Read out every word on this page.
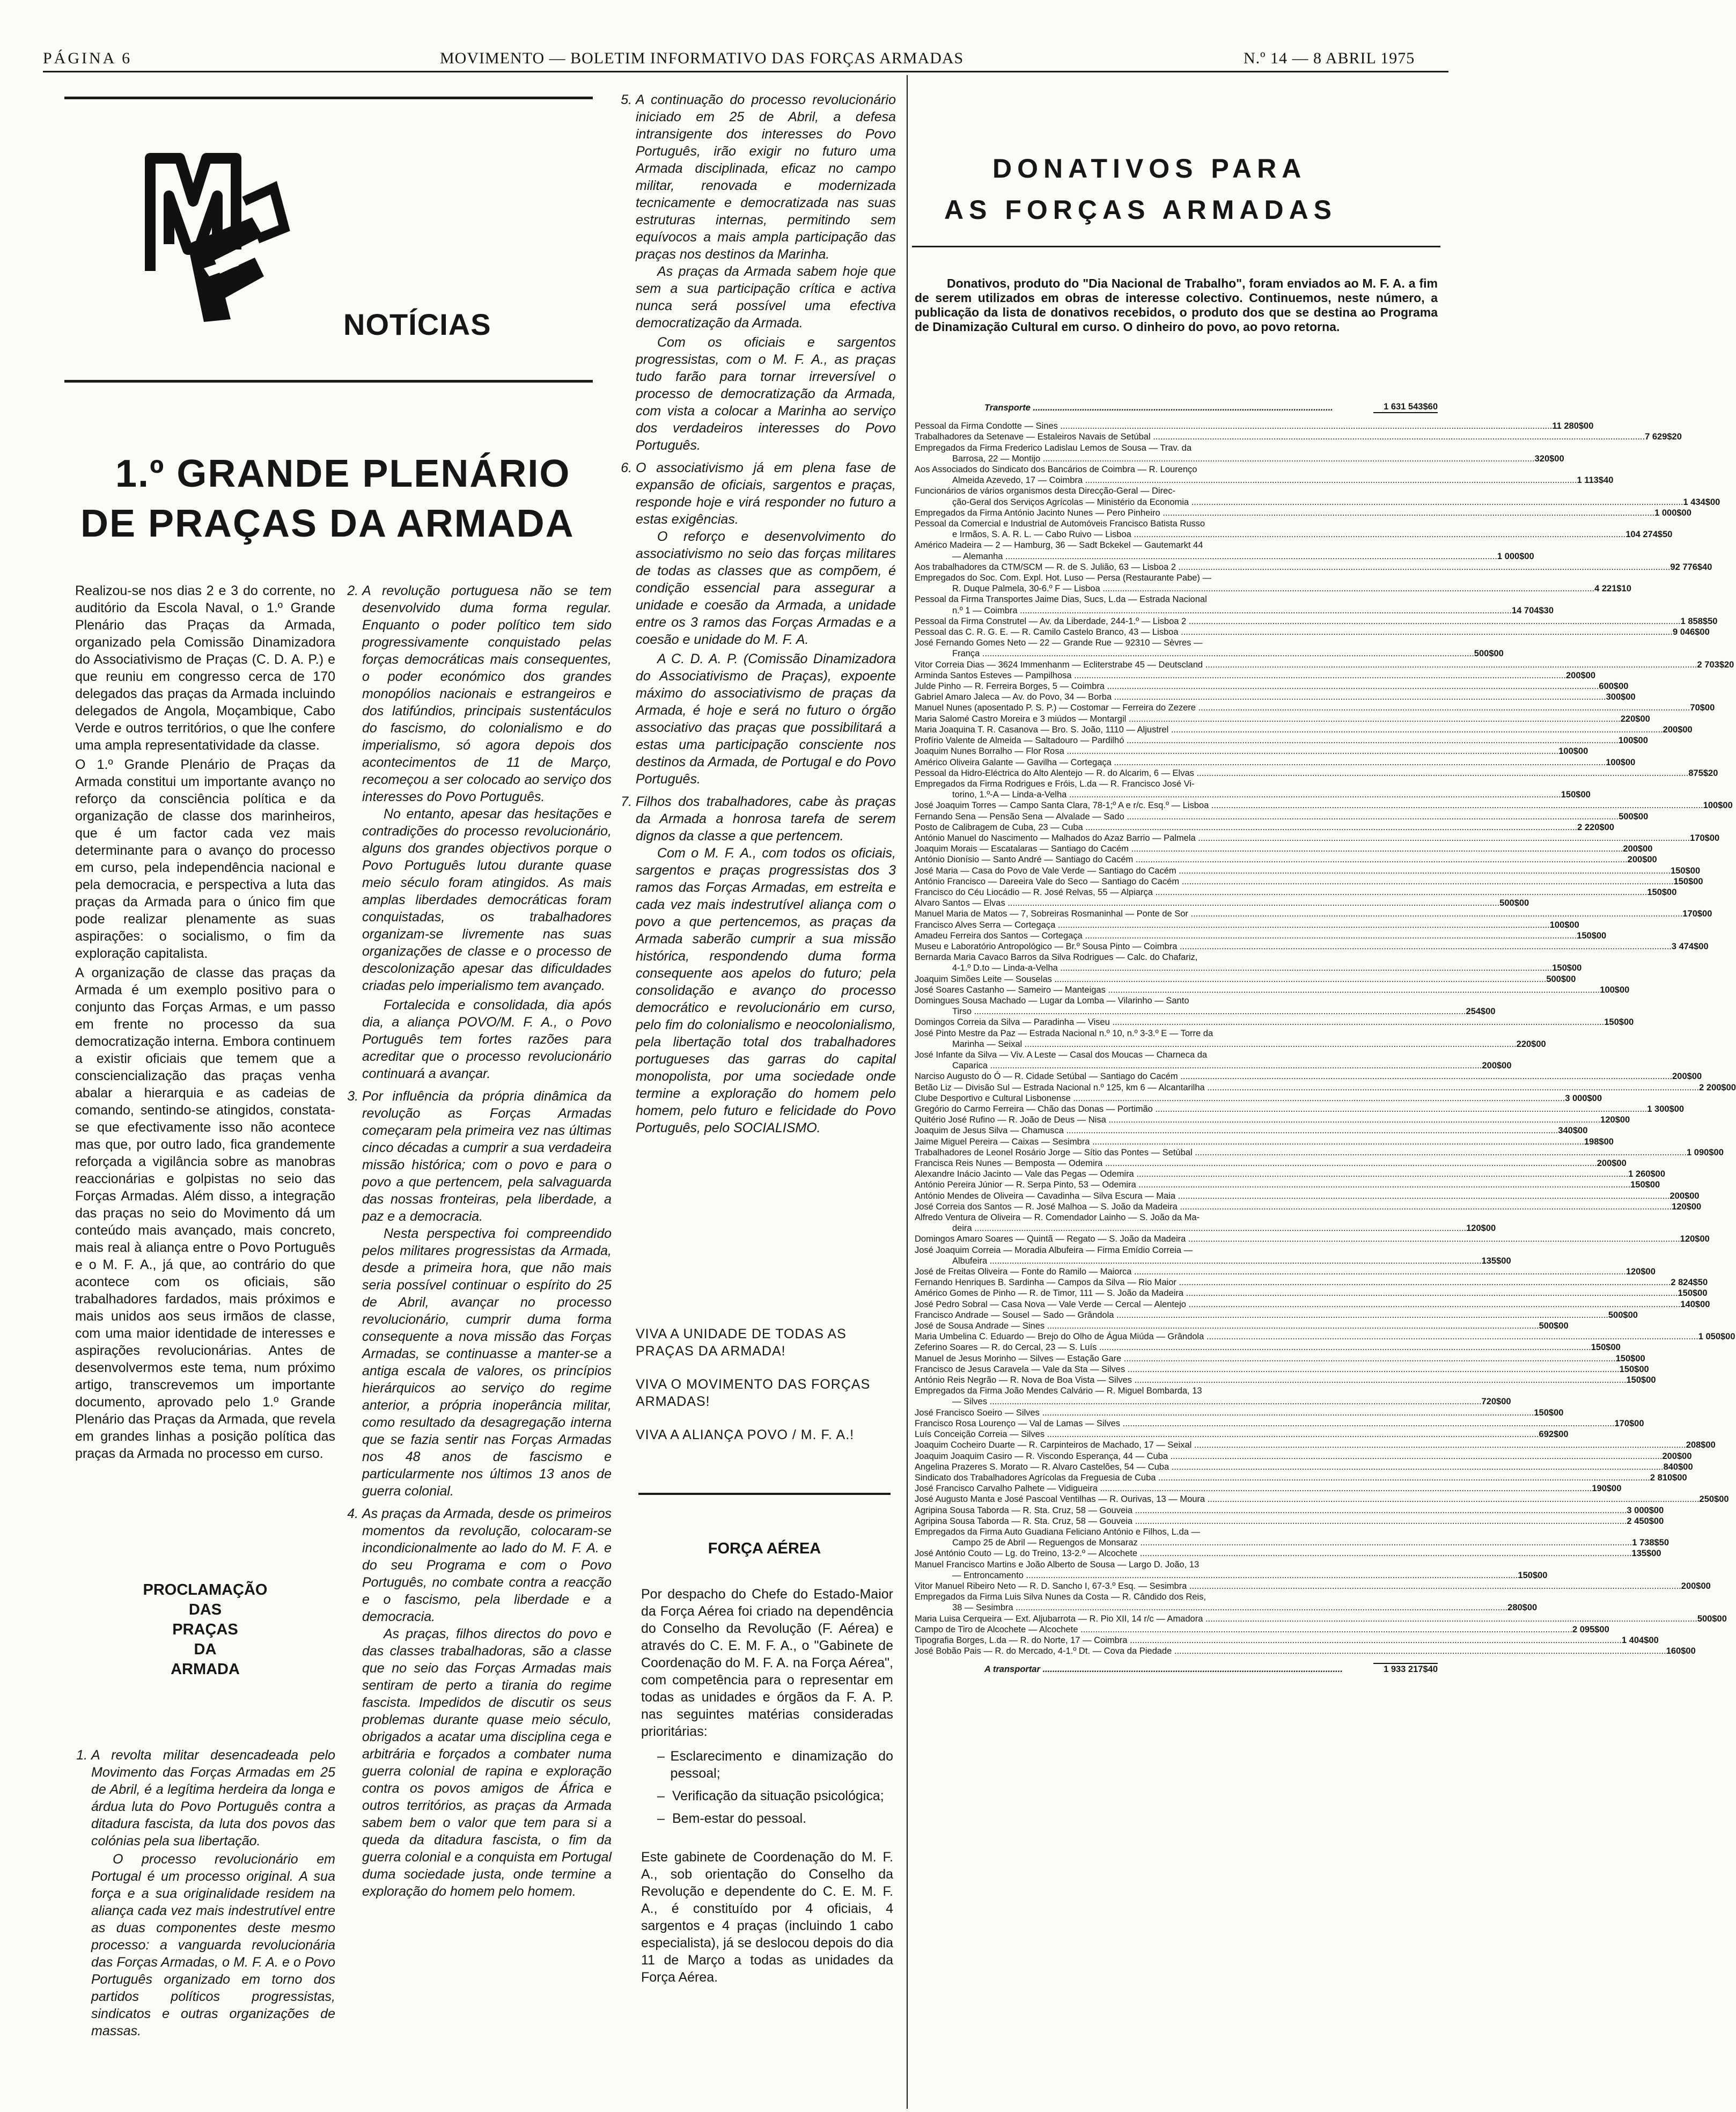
PÁGINA 6	MOVIMENTO — BOLETIM INFORMATIVO DAS FORÇAS ARMADAS	N.º 14 — 8 ABRIL 1975
NOTÍCIAS
1.º GRANDE PLENÁRIO
DE PRAÇAS DA ARMADA

Realizou-se nos dias 2 e 3 do corrente, no auditório da Escola Naval, o 1.º Grande Plenário das Praças da Armada, organizado pela Comissão Dinamizadora do Associativismo de Praças (C. D. A. P.) e que reuniu em congresso cerca de 170 delegados das praças da Armada incluindo delegados de Angola, Moçambique, Cabo Verde e outros territórios, o que lhe confere uma ampla representatividade da classe.

O 1.º Grande Plenário de Praças da Armada constitui um importante avanço no reforço da consciência política e da organização de classe dos marinheiros, que é um factor cada vez mais determinante para o avanço do processo em curso, pela independência nacional e pela democracia, e perspectiva a luta das praças da Armada para o único fim que pode realizar plenamente as suas aspirações: o socialismo, o fim da exploração capitalista.

A organização de classe das praças da Armada é um exemplo positivo para o conjunto das Forças Armas, e um passo em frente no processo da sua democratização interna. Embora continuem a existir oficiais que temem que a consciencialização das praças venha abalar a hierarquia e as cadeias de comando, sentindo-se atingidos, constata-se que efectivamente isso não acontece mas que, por outro lado, fica grandemente reforçada a vigilância sobre as manobras reaccionárias e golpistas no seio das Forças Armadas. Além disso, a integração das praças no seio do Movimento dá um conteúdo mais avançado, mais concreto, mais real à aliança entre o Povo Português e o M. F. A., já que, ao contrário do que acontece com os oficiais, são trabalhadores fardados, mais próximos e mais unidos aos seus irmãos de classe, com uma maior identidade de interesses e aspirações revolucionárias. Antes de desenvolvermos este tema, num próximo artigo, transcrevemos um importante documento, aprovado pelo 1.º Grande Plenário das Praças da Armada, que revela em grandes linhas a posição política das praças da Armada no processo em curso.

PROCLAMAÇÃO
DAS
PRAÇAS
DA
ARMADA
1. A revolta militar desencadeada pelo Movimento das Forças Armadas em 25 de Abril, é a legítima herdeira da longa e árdua luta do Povo Português contra a ditadura fascista, da luta dos povos das colónias pela sua libertação.

O processo revolucionário em Portugal é um processo original. A sua força e a sua originalidade residem na aliança cada vez mais indestrutível entre as duas componentes deste mesmo processo: a vanguarda revolucionária das Forças Armadas, o M. F. A. e o Povo Português organizado em torno dos partidos políticos progressistas, sindicatos e outras organizações de massas.

2. A revolução portuguesa não se tem desenvolvido duma forma regular. Enquanto o poder político tem sido progressivamente conquistado pelas forças democráticas mais consequentes, o poder económico dos grandes monopólios nacionais e estrangeiros e dos latifúndios, principais sustentáculos do fascismo, do colonialismo e do imperialismo, só agora depois dos acontecimentos de 11 de Março, recomeçou a ser colocado ao serviço dos interesses do Povo Português.

No entanto, apesar das hesitações e contradições do processo revolucionário, alguns dos grandes objectivos porque o Povo Português lutou durante quase meio século foram atingidos. As mais amplas liberdades democráticas foram conquistadas, os trabalhadores organizam-se livremente nas suas organizações de classe e o processo de descolonização apesar das dificuldades criadas pelo imperialismo tem avançado.

Fortalecida e consolidada, dia após dia, a aliança POVO/M. F. A., o Povo Português tem fortes razões para acreditar que o processo revolucionário continuará a avançar.

3. Por influência da própria dinâmica da revolução as Forças Armadas começaram pela primeira vez nas últimas cinco décadas a cumprir a sua verdadeira missão histórica; com o povo e para o povo a que pertencem, pela salvaguarda das nossas fronteiras, pela liberdade, a paz e a democracia.

Nesta perspectiva foi compreendido pelos militares progressistas da Armada, desde a primeira hora, que não mais seria possível continuar o espírito do 25 de Abril, avançar no processo revolucionário, cumprir duma forma consequente a nova missão das Forças Armadas, se continuasse a manter-se a antiga escala de valores, os princípios hierárquicos ao serviço do regime anterior, a própria inoperância militar, como resultado da desagregação interna que se fazia sentir nas Forças Armadas nos 48 anos de fascismo e particularmente nos últimos 13 anos de guerra colonial.

4. As praças da Armada, desde os primeiros momentos da revolução, colocaram-se incondicionalmente ao lado do M. F. A. e do seu Programa e com o Povo Português, no combate contra a reacção e o fascismo, pela liberdade e a democracia.

As praças, filhos directos do povo e das classes trabalhadoras, são a classe que no seio das Forças Armadas mais sentiram de perto a tirania do regime fascista. Impedidos de discutir os seus problemas durante quase meio século, obrigados a acatar uma disciplina cega e arbitrária e forçados a combater numa guerra colonial de rapina e exploração contra os povos amigos de África e outros territórios, as praças da Armada sabem bem o valor que tem para si a queda da ditadura fascista, o fim da guerra colonial e a conquista em Portugal duma sociedade justa, onde termine a exploração do homem pelo homem.

5. A continuação do processo revolucionário iniciado em 25 de Abril, a defesa intransigente dos interesses do Povo Português, irão exigir no futuro uma Armada disciplinada, eficaz no campo militar, renovada e modernizada tecnicamente e democratizada nas suas estruturas internas, permitindo sem equívocos a mais ampla participação das praças nos destinos da Marinha.

As praças da Armada sabem hoje que sem a sua participação crítica e activa nunca será possível uma efectiva democratização da Armada.

Com os oficiais e sargentos progressistas, com o M. F. A., as praças tudo farão para tornar irreversível o processo de democratização da Armada, com vista a colocar a Marinha ao serviço dos verdadeiros interesses do Povo Português.

6. O associativismo já em plena fase de expansão de oficiais, sargentos e praças, responde hoje e virá responder no futuro a estas exigências.

O reforço e desenvolvimento do associativismo no seio das forças militares de todas as classes que as compõem, é condição essencial para assegurar a unidade e coesão da Armada, a unidade entre os 3 ramos das Forças Armadas e a coesão e unidade do M. F. A.

A C. D. A. P. (Comissão Dinamizadora do Associativismo de Praças), expoente máximo do associativismo de praças da Armada, é hoje e será no futuro o órgão associativo das praças que possibilitará a estas uma participação consciente nos destinos da Armada, de Portugal e do Povo Português.

7. Filhos dos trabalhadores, cabe às praças da Armada a honrosa tarefa de serem dignos da classe a que pertencem.

Com o M. F. A., com todos os oficiais, sargentos e praças progressistas dos 3 ramos das Forças Armadas, em estreita e cada vez mais indestrutível aliança com o povo a que pertencemos, as praças da Armada saberão cumprir a sua missão histórica, respondendo duma forma consequente aos apelos do futuro; pela consolidação e avanço do processo democrático e revolucionário em curso, pelo fim do colonialismo e neocolonialismo, pela libertação total dos trabalhadores portugueses das garras do capital monopolista, por uma sociedade onde termine a exploração do homem pelo homem, pelo futuro e felicidade do Povo Português, pelo SOCIALISMO.

VIVA A UNIDADE DE TODAS AS PRAÇAS DA ARMADA!
VIVA O MOVIMENTO DAS FORÇAS ARMADAS!
VIVA A ALIANÇA POVO / M. F. A.!
FORÇA AÉREA

Por despacho do Chefe do Estado-Maior da Força Aérea foi criado na dependência do Conselho da Revolução (F. Aérea) e através do C. E. M. F. A., o "Gabinete de Coordenação do M. F. A. na Força Aérea", com competência para o representar em todas as unidades e órgãos da F. A. P. nas seguintes matérias consideradas prioritárias:

– Esclarecimento e dinamização do pessoal;
– Verificação da situação psicológica;
– Bem-estar do pessoal.

Este gabinete de Coordenação do M. F. A., sob orientação do Conselho da Revolução e dependente do C. E. M. F. A., é constituído por 4 oficiais, 4 sargentos e 4 praças (incluindo 1 cabo especialista), já se deslocou depois do dia 11 de Março a todas as unidades da Força Aérea.

DONATIVOS PARA
AS FORÇAS ARMADAS
Donativos, produto do "Dia Nacional de Trabalho", foram enviados ao M. F. A. a fim de serem utilizados em obras de interesse colectivo. Continuemos, neste número, a publicação da lista de donativos recebidos, o produto dos que se destina ao Programa de Dinamização Cultural em curso. O dinheiro do povo, ao povo retorna.
Transporte ..........................................................................................................................	1 631 543$60
Pessoal da Firma Condotte — Sines ........................................................................................................................................................................................................ 11 280$00
Trabalhadores da Setenave — Estaleiros Navais de Setúbal ........................................................................................................................................................................................................ 7 629$20
Empregados da Firma Frederico Ladislau Lemos de Sousa — Trav. da
Barrosa, 22 — Montijo ........................................................................................................................................................................................................ 320$00
Aos Associados do Sindicato dos Bancários de Coimbra — R. Lourenço
Almeida Azevedo, 17 — Coimbra ........................................................................................................................................................................................................ 1 113$40
Funcionários de vários organismos desta Direcção-Geral — Direc-
ção-Geral dos Serviços Agrícolas — Ministério da Economia ........................................................................................................................................................................................................ 1 434$00
Empregados da Firma António Jacinto Nunes — Pero Pinheiro ........................................................................................................................................................................................................ 1 000$00
Pessoal da Comercial e Industrial de Automóveis Francisco Batista Russo
e Irmãos, S. A. R. L. — Cabo Ruivo — Lisboa ........................................................................................................................................................................................................ 104 274$50
Américo Madeira — 2 — Hamburg, 36 — Sadt Bckekel — Gautemarkt 44
— Alemanha ........................................................................................................................................................................................................ 1 000$00
Aos trabalhadores da CTM/SCM — R. de S. Julião, 63 — Lisboa 2 ........................................................................................................................................................................................................ 92 776$40
Empregados do Soc. Com. Expl. Hot. Luso — Persa (Restaurante Pabe) —
R. Duque Palmela, 30-6.º F — Lisboa ........................................................................................................................................................................................................ 4 221$10
Pessoal da Firma Transportes Jaime Dias, Sucs, L.da — Estrada Nacional
n.º 1 — Coimbra ........................................................................................................................................................................................................ 14 704$30
Pessoal da Firma Construtel — Av. da Liberdade, 244-1.º — Lisboa 2 ........................................................................................................................................................................................................ 1 858$50
Pessoal das C. R. G. E. — R. Camilo Castelo Branco, 43 — Lisboa ........................................................................................................................................................................................................ 9 046$00
José Fernando Gomes Neto — 22 — Grande Rue — 92310 — Sèvres —
França ........................................................................................................................................................................................................ 500$00
Vitor Correia Dias — 3624 Immenhanm — Ecliterstrabe 45 — Deutscland ........................................................................................................................................................................................................ 2 703$20
Arminda Santos Esteves — Pampilhosa ........................................................................................................................................................................................................ 200$00
Julde Pinho — R. Ferreira Borges, 5 — Coimbra ........................................................................................................................................................................................................ 600$00
Gabriel Amaro Jaleca — Av. do Povo, 34 — Borba ........................................................................................................................................................................................................ 300$00
Manuel Nunes (aposentado P. S. P.) — Costomar — Ferreira do Zezere ........................................................................................................................................................................................................ 70$00
Maria Salomé Castro Moreira e 3 miúdos — Montargil ........................................................................................................................................................................................................ 220$00
Maria Joaquina T. R. Casanova — Bro. S. João, 1110 — Aljustrel ........................................................................................................................................................................................................ 200$00
Profírio Valente de Almeida — Saltadouro — Pardilhó ........................................................................................................................................................................................................ 100$00
Joaquim Nunes Borralho — Flor Rosa ........................................................................................................................................................................................................ 100$00
Américo Oliveira Galante — Gavilha — Cortegaça ........................................................................................................................................................................................................ 100$00
Pessoal da Hidro-Eléctrica do Alto Alentejo — R. do Alcarim, 6 — Elvas ........................................................................................................................................................................................................ 875$20
Empregados da Firma Rodrigues e Fróis, L.da — R. Francisco José Vi-
torino, 1.º-A — Linda-a-Velha ........................................................................................................................................................................................................ 150$00
José Joaquim Torres — Campo Santa Clara, 78-1;º A e r/c. Esq.º — Lisboa ........................................................................................................................................................................................................ 100$00
Fernando Sena — Pensão Sena — Alvalade — Sado ........................................................................................................................................................................................................ 500$00
Posto de Calibragem de Cuba, 23 — Cuba ........................................................................................................................................................................................................ 2 220$00
António Manuel do Nascimento — Malhados do Azaz Barrio — Palmela ........................................................................................................................................................................................................ 170$00
Joaquim Morais — Escatalaras — Santiago do Cacém ........................................................................................................................................................................................................ 200$00
António Dionísio — Santo André — Santiago do Cacém ........................................................................................................................................................................................................ 200$00
José Maria — Casa do Povo de Vale Verde — Santiago do Cacém ........................................................................................................................................................................................................ 150$00
António Francisco — Dareeira Vale do Seco — Santiago do Cacém ........................................................................................................................................................................................................ 150$00
Francisco do Céu Liocádio — R. José Relvas, 55 — Alpiarça ........................................................................................................................................................................................................ 150$00
Alvaro Santos — Elvas ........................................................................................................................................................................................................ 500$00
Manuel Maria de Matos — 7, Sobreiras Rosmaninhal — Ponte de Sor ........................................................................................................................................................................................................ 170$00
Francisco Alves Serra — Cortegaça ........................................................................................................................................................................................................ 100$00
Amadeu Ferreira dos Santos — Cortegaça ........................................................................................................................................................................................................ 150$00
Museu e Laboratório Antropológico — Br.º Sousa Pinto — Coimbra ........................................................................................................................................................................................................ 3 474$00
Bernarda Maria Cavaco Barros da Silva Rodrigues — Calc. do Chafariz,
4-1.º D.to — Linda-a-Velha ........................................................................................................................................................................................................ 150$00
Joaquim Simões Leite — Souselas ........................................................................................................................................................................................................ 500$00
José Soares Castanho — Sameiro — Manteigas ........................................................................................................................................................................................................ 100$00
Domingues Sousa Machado — Lugar da Lomba — Vilarinho — Santo
Tirso ........................................................................................................................................................................................................ 254$00
Domingos Correia da Silva — Paradinha — Viseu ........................................................................................................................................................................................................ 150$00
José Pinto Mestre da Paz — Estrada Nacional n.º 10, n.º 3-3.º E — Torre da
Marinha — Seixal ........................................................................................................................................................................................................ 220$00
José Infante da Silva — Viv. A Leste — Casal dos Moucas — Charneca da
Caparica ........................................................................................................................................................................................................ 200$00
Narciso Augusto do Ó — R. Cidade Setúbal — Santiago do Cacém ........................................................................................................................................................................................................ 200$00
Betão Liz — Divisão Sul — Estrada Nacional n.º 125, km 6 — Alcantarilha ........................................................................................................................................................................................................ 2 200$00
Clube Desportivo e Cultural Lisbonense ........................................................................................................................................................................................................ 3 000$00
Gregório do Carmo Ferreira — Chão das Donas — Portimão ........................................................................................................................................................................................................ 1 300$00
Quitério José Rufino — R. João de Deus — Nisa ........................................................................................................................................................................................................ 120$00
Joaquim de Jesus Silva — Chamusca ........................................................................................................................................................................................................ 340$00
Jaime Miguel Pereira — Caixas — Sesimbra ........................................................................................................................................................................................................ 198$00
Trabalhadores de Leonel Rosário Jorge — Sítio das Pontes — Setúbal ........................................................................................................................................................................................................ 1 090$00
Francisca Reis Nunes — Bemposta — Odemira ........................................................................................................................................................................................................ 200$00
Alexandre Inácio Jacinto — Vale das Pegas — Odemira ........................................................................................................................................................................................................ 1 260$00
António Pereira Júnior — R. Serpa Pinto, 53 — Odemira ........................................................................................................................................................................................................ 150$00
António Mendes de Oliveira — Cavadinha — Silva Escura — Maia ........................................................................................................................................................................................................ 200$00
José Correia dos Santos — R. José Malhoa — S. João da Madeira ........................................................................................................................................................................................................ 120$00
Alfredo Ventura de Oliveira — R. Comendador Lainho — S. João da Ma-
deira ........................................................................................................................................................................................................ 120$00
Domingos Amaro Soares — Quintã — Regato — S. João da Madeira ........................................................................................................................................................................................................ 120$00
José Joaquim Correia — Moradia Albufeira — Firma Emídio Correia —
Albufeira ........................................................................................................................................................................................................ 135$00
José de Freitas Oliveira — Fonte do Ramilo — Maiorca ........................................................................................................................................................................................................ 120$00
Fernando Henriques B. Sardinha — Campos da Silva — Rio Maior ........................................................................................................................................................................................................ 2 824$50
Américo Gomes de Pinho — R. de Timor, 111 — S. João da Madeira ........................................................................................................................................................................................................ 150$00
José Pedro Sobral — Casa Nova — Vale Verde — Cercal — Alentejo ........................................................................................................................................................................................................ 140$00
Francisco Andrade — Sousel — Sado — Grândola ........................................................................................................................................................................................................ 500$00
José de Sousa Andrade — Sines ........................................................................................................................................................................................................ 500$00
Maria Umbelina C. Eduardo — Brejo do Olho de Água Miúda — Grândola ........................................................................................................................................................................................................ 1 050$00
Zeferino Soares — R. do Cercal, 23 — S. Luís ........................................................................................................................................................................................................ 150$00
Manuel de Jesus Morinho — Silves — Estação Gare ........................................................................................................................................................................................................ 150$00
Francisco de Jesus Caravela — Vale da Sta — Silves ........................................................................................................................................................................................................ 150$00
António Reis Negrão — R. Nova de Boa Vista — Silves ........................................................................................................................................................................................................ 150$00
Empregados da Firma João Mendes Calvário — R. Miguel Bombarda, 13
— Silves ........................................................................................................................................................................................................ 720$00
José Francisco Soeiro — Silves ........................................................................................................................................................................................................ 150$00
Francisco Rosa Lourenço — Val de Lamas — Silves ........................................................................................................................................................................................................ 170$00
Luís Conceição Correia — Silves ........................................................................................................................................................................................................ 692$00
Joaquim Cocheiro Duarte — R. Carpinteiros de Machado, 17 — Seixal ........................................................................................................................................................................................................ 208$00
Joaquim Joaquim Casiro — R. Viscondo Esperança, 44 — Cuba ........................................................................................................................................................................................................ 200$00
Angelina Prazeres S. Morato — R. Alvaro Castelões, 54 — Cuba ........................................................................................................................................................................................................ 840$00
Sindicato dos Trabalhadores Agrícolas da Freguesia de Cuba ........................................................................................................................................................................................................ 2 810$00
José Francisco Carvalho Palhete — Vidigueira ........................................................................................................................................................................................................ 190$00
José Augusto Manta e José Pascoal Ventilhas — R. Ourivas, 13 — Moura ........................................................................................................................................................................................................ 250$00
Agripina Sousa Taborda — R. Sta. Cruz, 58 — Gouveia ........................................................................................................................................................................................................ 3 000$00
Agripina Sousa Taborda — R. Sta. Cruz, 58 — Gouveia ........................................................................................................................................................................................................ 2 450$00
Empregados da Firma Auto Guadiana Feliciano António e Filhos, L.da —
Campo 25 de Abril — Reguengos de Monsaraz ........................................................................................................................................................................................................ 1 738$50
José António Couto — Lg. do Treino, 13-2.º — Alcochete ........................................................................................................................................................................................................ 135$00
Manuel Francisco Martins e João Alberto de Sousa — Largo D. João, 13
— Entroncamento ........................................................................................................................................................................................................ 150$00
Vitor Manuel Ribeiro Neto — R. D. Sancho I, 67-3.º Esq. — Sesimbra ........................................................................................................................................................................................................ 200$00
Empregados da Firma Luis Silva Nunes da Costa — R. Cândido dos Reis,
38 — Sesimbra ........................................................................................................................................................................................................ 280$00
Maria Luisa Cerqueira — Ext. Aljubarrota — R. Pio XII, 14 r/c — Amadora ........................................................................................................................................................................................................ 500$00
Campo de Tiro de Alcochete — Alcochete ........................................................................................................................................................................................................ 2 095$00
Tipografia Borges, L.da — R. do Norte, 17 — Coimbra ........................................................................................................................................................................................................ 1 404$00
José Bobão Pais — R. do Mercado, 4-1.º Dt. — Cova da Piedade ........................................................................................................................................................................................................ 160$00
A transportar ..........................................................................................................................	1 933 217$40
